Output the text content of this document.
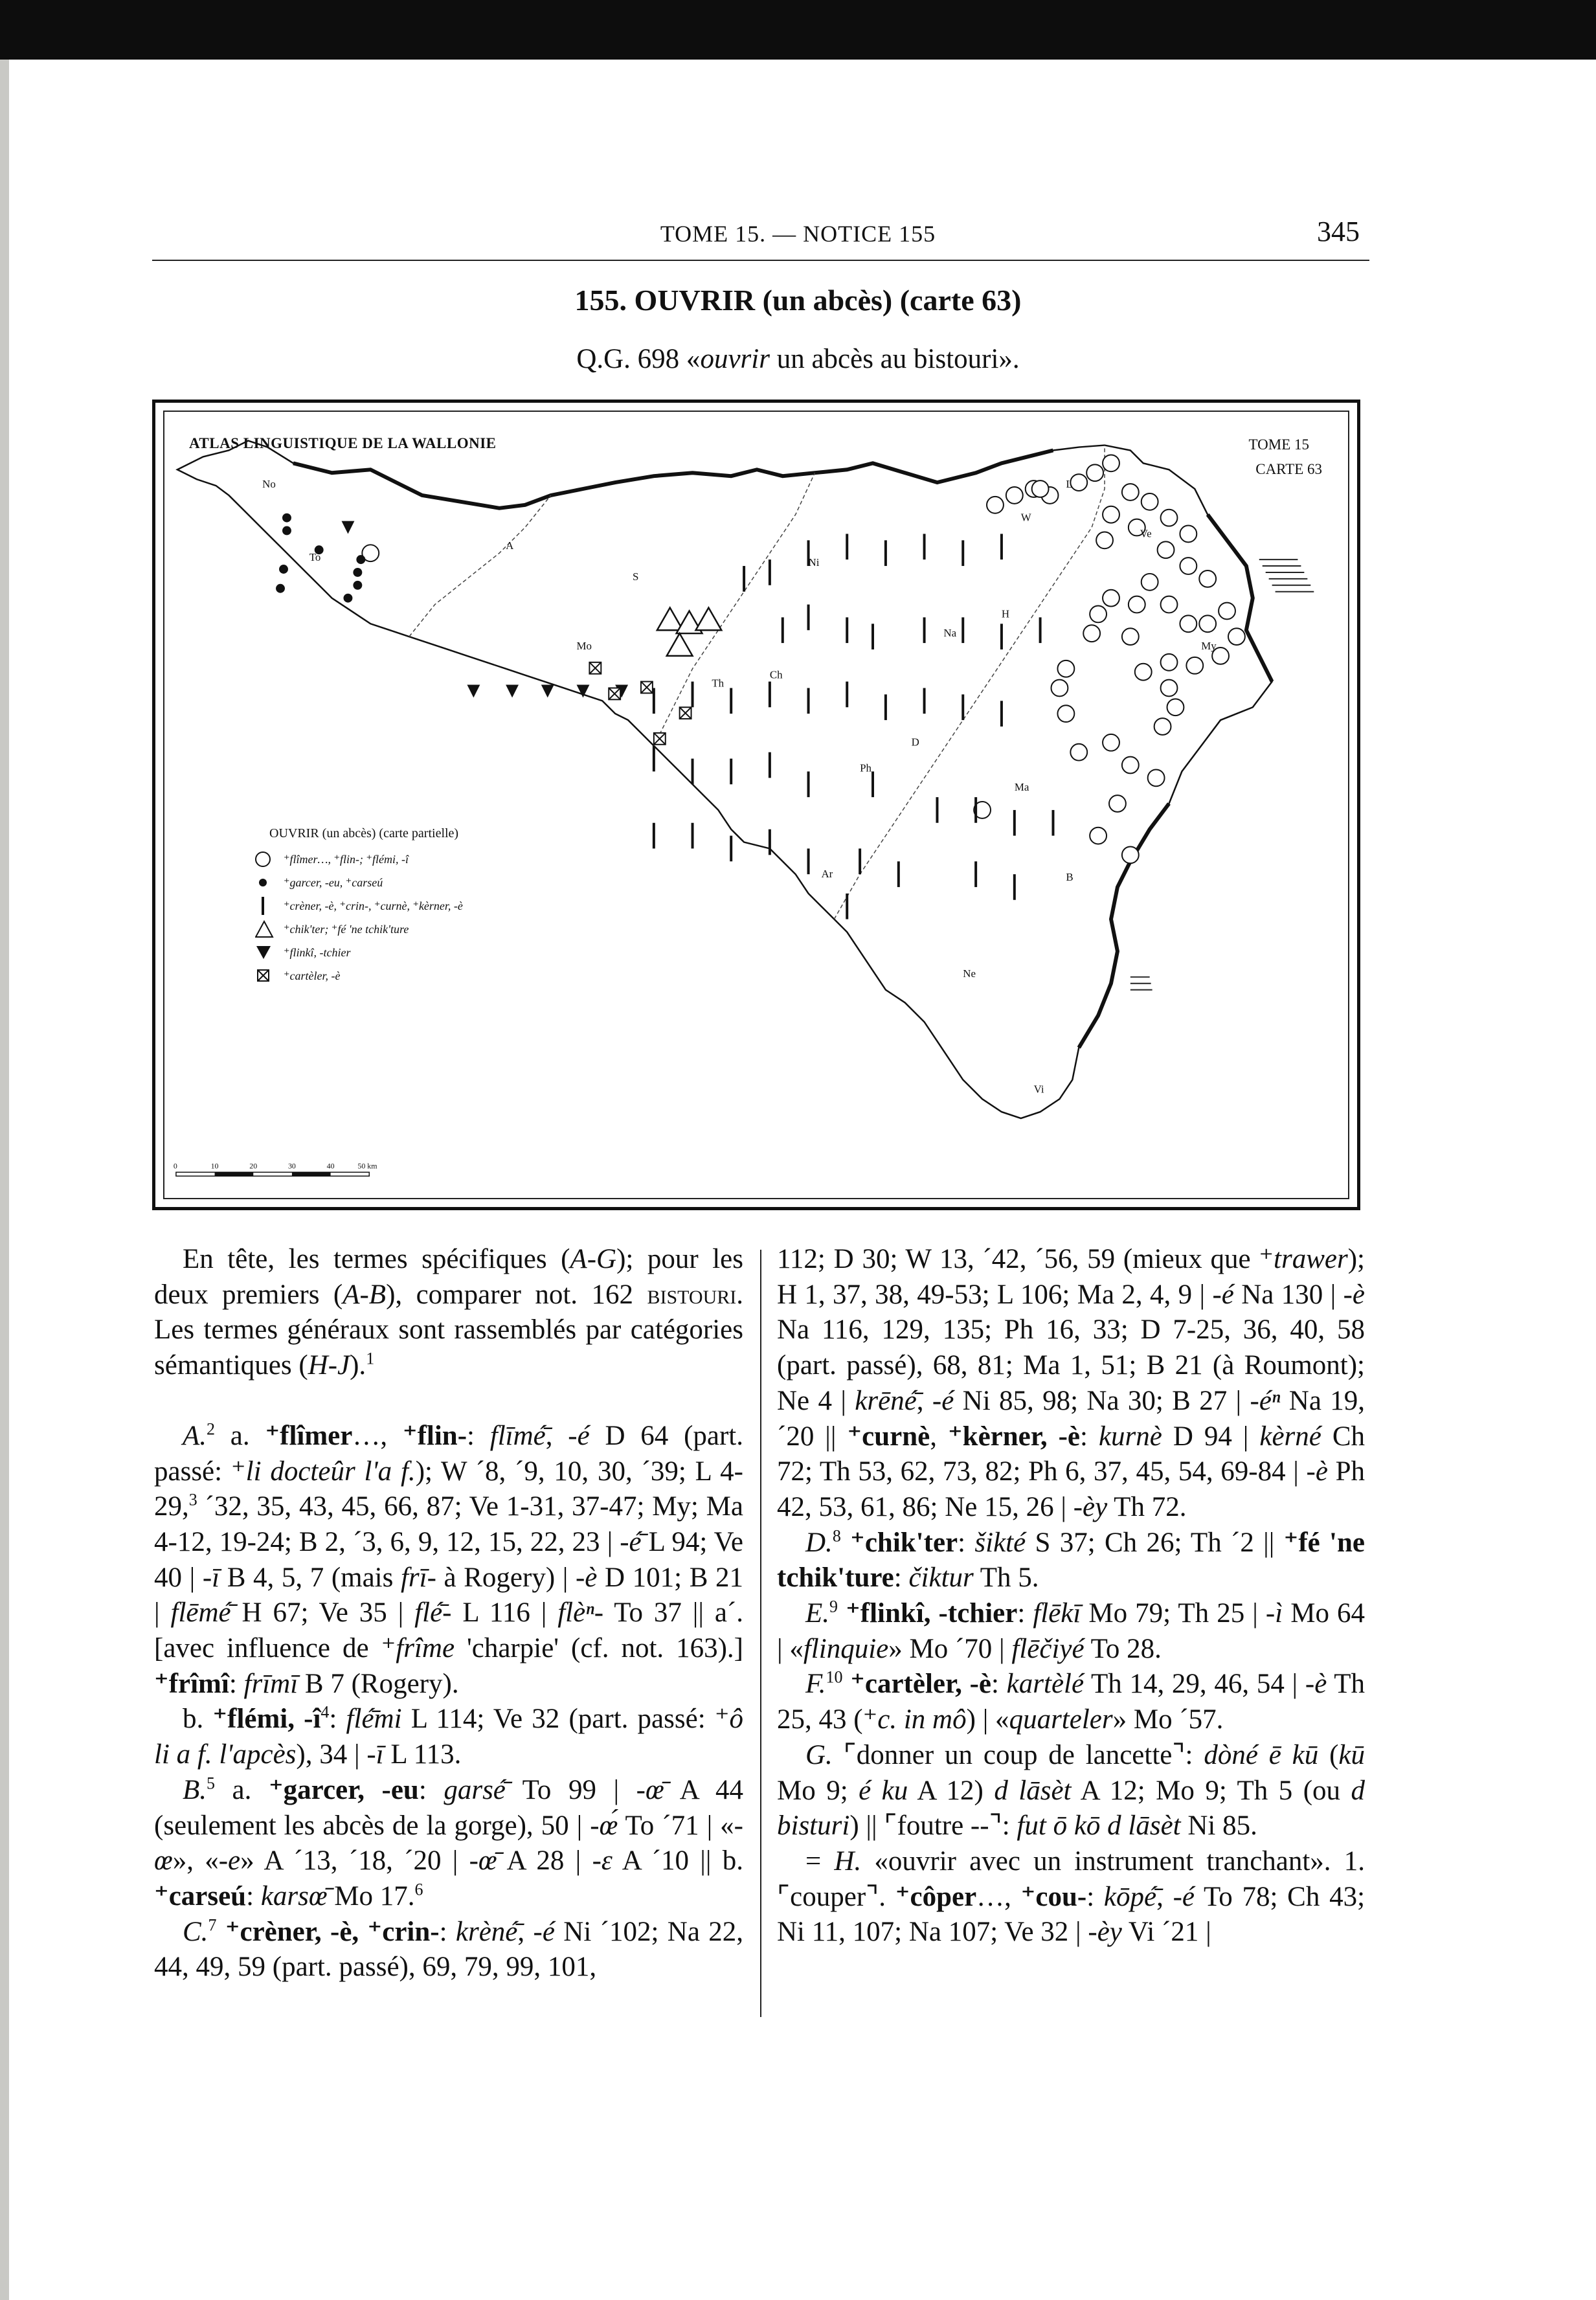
TOME 15. — NOTICE 155	345
155. OUVRIR (un abcès) (carte 63)
Q.G. 698 «ouvrir un abcès au bistouri».
0	10	20	30	40	50 km
No
To
A
Mo
S
Th
Ch
Ni
Na
Ph
D
H
W
L
Ve
My
Ma
B
Ne
Vi
Ar
ATLAS LINGUISTIQUE DE LA WALLONIE	TOME 15
CARTE 63
OUVRIR (un abcès) (carte partielle)
⁺flîmer…, ⁺flin-; ⁺flémi, -î
⁺garcer, -eu, ⁺carseú
⁺crèner, -è, ⁺crin-, ⁺curnè, ⁺kèrner, -è
⁺chik'ter; ⁺fé 'ne tchik'ture
⁺flinkî, -tchier
⁺cartèler, -è

En tête, les termes spécifiques (A-G); pour les deux premiers (A-B), comparer not. 162 bistouri. Les termes généraux sont rassemblés par catégories sémantiques (H-J).$^1$

A.$^2$ a. ⁺flîmer…, ⁺flin-: flīmé̄, -é D 64 (part. passé: ⁺li docteûr l'a f.); W ´8, ´9, 10, 30, ´39; L 4-29,$^3$ ´32, 35, 43, 45, 66, 87; Ve 1-31, 37-47; My; Ma 4-12, 19-24; B 2, ´3, 6, 9, 12, 15, 22, 23 | -é̄ L 94; Ve 40 | -ī B 4, 5, 7 (mais frī- à Rogery) | -è D 101; B 21 | flēmé̄ H 67; Ve 35 | flé̄- L 116 | flèⁿ- To 37 || a´. [avec influence de ⁺frîme 'charpie' (cf. not. 163).] ⁺frîmî: frīmī B 7 (Rogery).

b. ⁺flémi, $-î^4$: flé̄mi L 114; Ve 32 (part. passé: ⁺ô li a f. l'apcès), 34 | -ī L 113.

B.$^5$ a. ⁺garcer, -eu: garsé̄ To 99 | -œ̄ A 44 (seulement les abcès de la gorge), 50 | -œ́ To ´71 | «-œ», «-e» A ´13, ´18, ´20 | -œ̄ A 28 | -ɛ A ´10 || b. ⁺carseú: karsœ̄ Mo 17.$^6$

C.$^7$ ⁺crèner, -è, ⁺crin-: krèné̄, -é Ni ´102; Na 22, 44, 49, 59 (part. passé), 69, 79, 99, 101,

112; D 30; W 13, ´42, ´56, 59 (mieux que ⁺trawer); H 1, 37, 38, 49-53; L 106; Ma 2, 4, 9 | -é Na 130 | -è Na 116, 129, 135; Ph 16, 33; D 7-25, 36, 40, 58 (part. passé), 68, 81; Ma 1, 51; B 21 (à Roumont); Ne 4 | krēné̄, -é Ni 85, 98; Na 30; B 27 | -éⁿ Na 19, ´20 || ⁺curnè, ⁺kèrner, -è: kurnè D 94 | kèrné Ch 72; Th 53, 62, 73, 82; Ph 6, 37, 45, 54, 69-84 | -è Ph 42, 53, 61, 86; Ne 15, 26 | -èy Th 72.

D.$^8$ ⁺chik'ter: šikté S 37; Ch 26; Th ´2 || ⁺fé 'ne tchik'ture: čiktur Th 5.

E.$^9$ ⁺flinkî, -tchier: flēkī Mo 79; Th 25 | -ì Mo 64 | «flinquie» Mo ´70 | flēčiyé To 28.

F.$^{10}$ ⁺cartèler, -è: kartèlé Th 14, 29, 46, 54 | -è Th 25, 43 (⁺c. in mô) | «quarteler» Mo ´57.

G. ⌜donner un coup de lancette⌝: dòné ē kū (kū Mo 9; é ku A 12) d lāsèt A 12; Mo 9; Th 5 (ou d bisturi) || ⌜foutre --⌝: fut ō kō d lāsèt Ni 85.

= H. «ouvrir avec un instrument tranchant». 1. ⌜couper⌝. ⁺côper…, ⁺cou-: kōpé̄, -é To 78; Ch 43; Ni 11, 107; Na 107; Ve 32 | -èy Vi ´21 |
